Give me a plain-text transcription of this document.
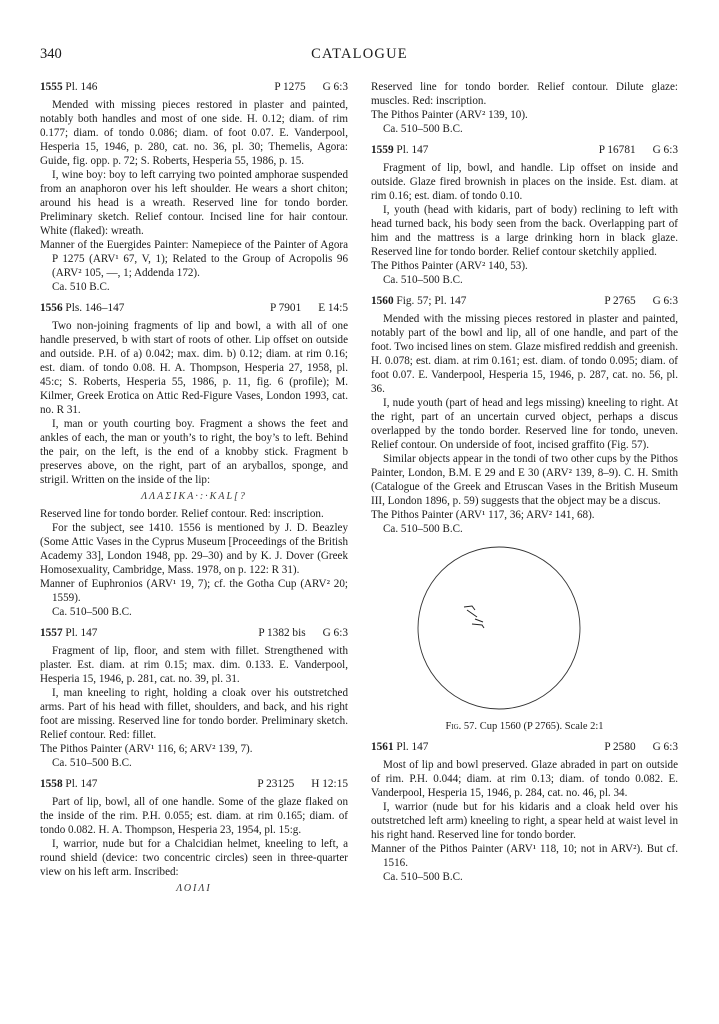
340	CATALOGUE
1555 Pl. 146	P 1275 G 6:3

Mended with missing pieces restored in plaster and painted, notably both handles and most of one side. H. 0.12; diam. of rim 0.177; diam. of tondo 0.086; diam. of foot 0.07. E. Vanderpool, Hesperia 15, 1946, p. 280, cat. no. 36, pl. 30; Themelis, Agora: Guide, fig. opp. p. 72; S. Roberts, Hesperia 55, 1986, p. 15.

I, wine boy: boy to left carrying two pointed amphorae suspended from an anaphoron over his left shoulder. He wears a short chiton; around his head is a wreath. Reserved line for tondo border. Preliminary sketch. Relief contour. Incised line for hair contour. White (flaked): wreath.

Manner of the Euergides Painter: Namepiece of the Painter of Agora P 1275 (ARV¹ 67, V, 1); Related to the Group of Acropolis 96 (ARV² 105, —, 1; Addenda 172).

Ca. 510 B.C.

1556 Pls. 146–147	P 7901 E 14:5

Two non-joining fragments of lip and bowl, a with all of one handle preserved, b with start of roots of other. Lip offset on outside and outside. P.H. of a) 0.042; max. dim. b) 0.12; diam. at rim 0.16; est. diam. of tondo 0.08. H. A. Thompson, Hesperia 27, 1958, pl. 45:c; S. Roberts, Hesperia 55, 1986, p. 11, fig. 6 (profile); M. Kilmer, Greek Erotica on Attic Red-Figure Vases, London 1993, cat. no. R 31.

I, man or youth courting boy. Fragment a shows the feet and ankles of each, the man or youth’s to right, the boy’s to left. Behind the pair, on the left, is the end of a knobby stick. Fragment b preserves above, on the right, part of an aryballos, sponge, and strigil. Written on the inside of the lip:

ΛΛΑΣΙΚΑ·:·ΚΑL[?

Reserved line for tondo border. Relief contour. Red: inscription.

For the subject, see 1410. 1556 is mentioned by J. D. Beazley (Some Attic Vases in the Cyprus Museum [Proceedings of the British Academy 33], London 1948, pp. 29–30) and by K. J. Dover (Greek Homosexuality, Cambridge, Mass. 1978, on p. 122: R 31).

Manner of Euphronios (ARV¹ 19, 7); cf. the Gotha Cup (ARV² 20; 1559).

Ca. 510–500 B.C.

1557 Pl. 147	P 1382 bis G 6:3

Fragment of lip, floor, and stem with fillet. Strengthened with plaster. Est. diam. at rim 0.15; max. dim. 0.133. E. Vanderpool, Hesperia 15, 1946, p. 281, cat. no. 39, pl. 31.

I, man kneeling to right, holding a cloak over his outstretched arms. Part of his head with fillet, shoulders, and back, and his right foot are missing. Reserved line for tondo border. Preliminary sketch. Relief contour. Red: fillet.

The Pithos Painter (ARV¹ 116, 6; ARV² 139, 7).

Ca. 510–500 B.C.

1558 Pl. 147	P 23125 H 12:15

Part of lip, bowl, all of one handle. Some of the glaze flaked on the inside of the rim. P.H. 0.055; est. diam. at rim 0.165; diam. of tondo 0.082. H. A. Thompson, Hesperia 23, 1954, pl. 15:g.

I, warrior, nude but for a Chalcidian helmet, kneeling to left, a round shield (device: two concentric circles) seen in three-quarter view on his left arm. Inscribed:

ΛΟΙΛΙ

Reserved line for tondo border. Relief contour. Dilute glaze: muscles. Red: inscription.

The Pithos Painter (ARV² 139, 10).

Ca. 510–500 B.C.

1559 Pl. 147	P 16781 G 6:3

Fragment of lip, bowl, and handle. Lip offset on inside and outside. Glaze fired brownish in places on the inside. Est. diam. at rim 0.16; est. diam. of tondo 0.10.

I, youth (head with kidaris, part of body) reclining to left with head turned back, his body seen from the back. Overlapping part of him and the mattress is a large drinking horn in black glaze. Reserved line for tondo border. Relief contour sketchily applied.

The Pithos Painter (ARV² 140, 53).

Ca. 510–500 B.C.

1560 Fig. 57; Pl. 147	P 2765 G 6:3

Mended with the missing pieces restored in plaster and painted, notably part of the bowl and lip, all of one handle, and part of the foot. Two incised lines on stem. Glaze misfired reddish and greenish. H. 0.078; est. diam. at rim 0.161; est. diam. of tondo 0.095; diam. of foot 0.07. E. Vanderpool, Hesperia 15, 1946, p. 287, cat. no. 56, pl. 36.

I, nude youth (part of head and legs missing) kneeling to right. At the right, part of an uncertain curved object, perhaps a discus overlapped by the tondo border. Reserved line for tondo, uneven. Relief contour. On underside of foot, incised graffito (Fig. 57).

Similar objects appear in the tondi of two other cups by the Pithos Painter, London, B.M. E 29 and E 30 (ARV² 139, 8–9). C. H. Smith (Catalogue of the Greek and Etruscan Vases in the British Museum III, London 1896, p. 59) suggests that the object may be a discus.

The Pithos Painter (ARV¹ 117, 36; ARV² 141, 68).

Ca. 510–500 B.C.

Fig. 57. Cup 1560 (P 2765). Scale 2:1
1561 Pl. 147	P 2580 G 6:3

Most of lip and bowl preserved. Glaze abraded in part on outside of rim. P.H. 0.044; diam. at rim 0.13; diam. of tondo 0.082. E. Vanderpool, Hesperia 15, 1946, p. 284, cat. no. 46, pl. 34.

I, warrior (nude but for his kidaris and a cloak held over his outstretched left arm) kneeling to right, a spear held at waist level in his right hand. Reserved line for tondo border.

Manner of the Pithos Painter (ARV¹ 118, 10; not in ARV²). But cf. 1516.

Ca. 510–500 B.C.
